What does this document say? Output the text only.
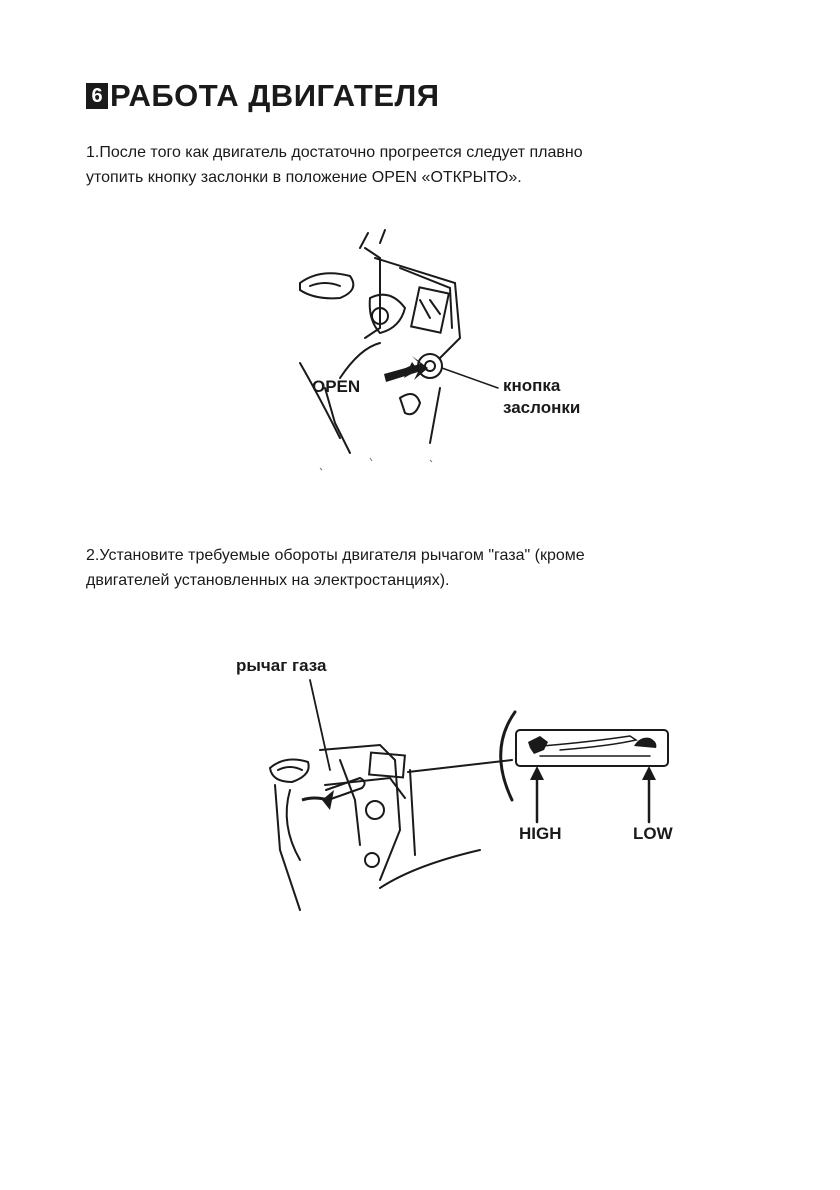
6 РАБОТА ДВИГАТЕЛЯ
1.После того как двигатель достаточно прогреется следует плавно
утопить кнопку заслонки в положение OPEN «ОТКРЫТО».
OPEN	кнопка
заслонки
2.Установите требуемые обороты двигателя рычагом "газа" (кроме
двигателей установленных на электростанциях).
рычаг газа
HIGH	LOW
